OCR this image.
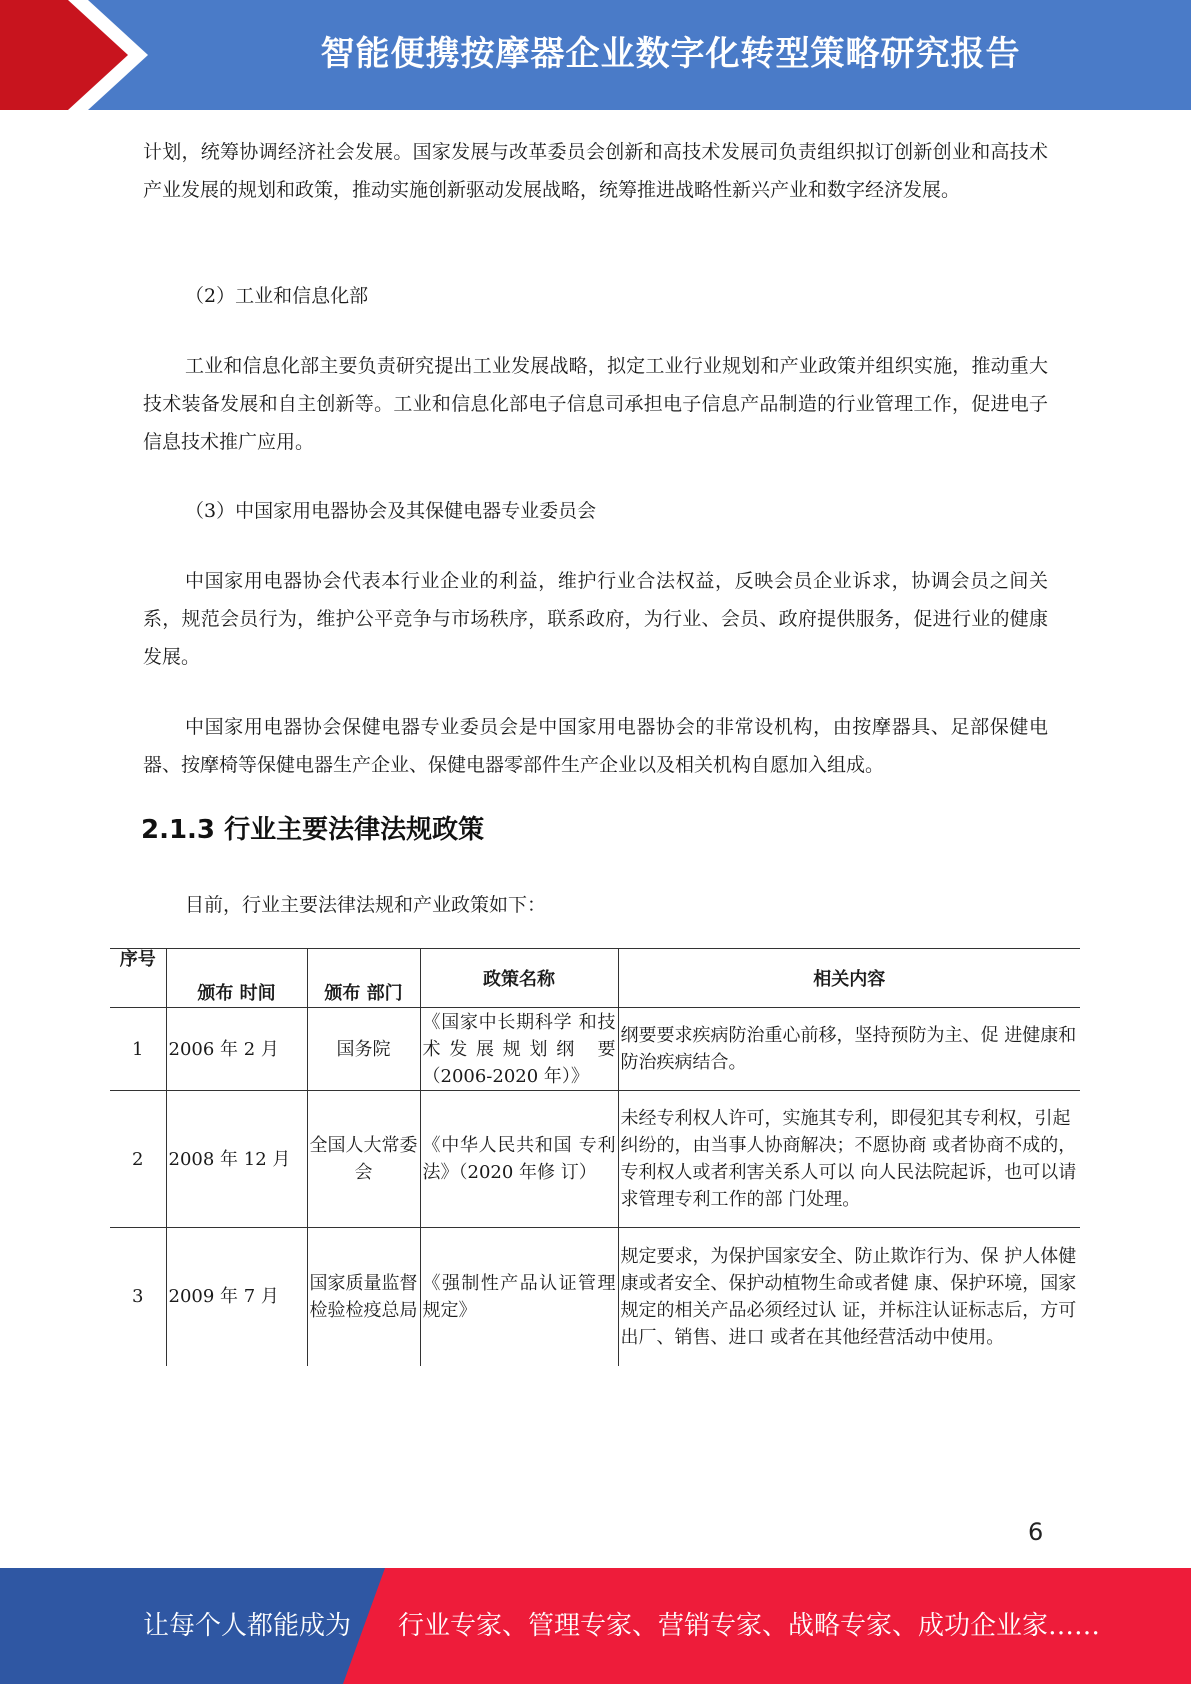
智能便携按摩器企业数字化转型策略研究报告

计划，统筹协调经济社会发展。国家发展与改革委员会创新和高技术发展司负责组织拟订创新创业和高技术产业发展的规划和政策，推动实施创新驱动发展战略，统筹推进战略性新兴产业和数字经济发展。

（2）工业和信息化部

工业和信息化部主要负责研究提出工业发展战略，拟定工业行业规划和产业政策并组织实施，推动重大技术装备发展和自主创新等。工业和信息化部电子信息司承担电子信息产品制造的行业管理工作，促进电子信息技术推广应用。

（3）中国家用电器协会及其保健电器专业委员会

中国家用电器协会代表本行业企业的利益，维护行业合法权益，反映会员企业诉求，协调会员之间关系，规范会员行为，维护公平竞争与市场秩序，联系政府，为行业、会员、政府提供服务，促进行业的健康发展。

中国家用电器协会保健电器专业委员会是中国家用电器协会的非常设机构，由按摩器具、足部保健电器、按摩椅等保健电器生产企业、保健电器零部件生产企业以及相关机构自愿加入组成。

2.1.3 行业主要法律法规政策

目前，行业主要法律法规和产业政策如下：

序号	颁布 时间	颁布 部门	政策名称	相关内容
1	2006 年 2 月	国务院	《国家中长期科学 和技术发展规划纲 要（2006-2020 年）》	纲要要求疾病防治重心前移，坚持预防为主、促 进健康和防治疾病结合。
2	2008 年 12 月	全国人大常委会	《中华人民共和国 专利法》（2020 年修 订）	未经专利权人许可，实施其专利，即侵犯其专利权，引起纠纷的，由当事人协商解决；不愿协商 或者协商不成的，专利权人或者利害关系人可以 向人民法院起诉，也可以请求管理专利工作的部 门处理。
3	2009 年 7 月	国家质量监督检验检疫总局	《强制性产品认证管理规定》	规定要求，为保护国家安全、防止欺诈行为、保 护人体健康或者安全、保护动植物生命或者健 康、保护环境，国家规定的相关产品必须经过认 证，并标注认证标志后，方可出厂、销售、进口 或者在其他经营活动中使用。
6
让每个人都能成为 行业专家、管理专家、营销专家、战略专家、成功企业家……
